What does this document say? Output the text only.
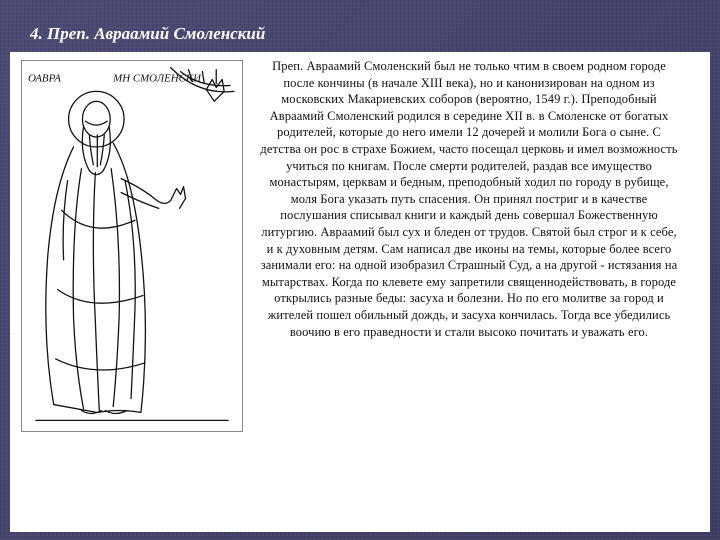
4. Преп. Авраамий Смоленский
ОАВРА	МН СМОЛЕНСКИ

Преп. Авраамий Смоленский был не только чтим в своем родном городе после кончины (в начале XIII века), но и канонизирован на одном из московских Макариевских соборов (вероятно, 1549 г.). Преподобный Авраамий Смоленский родился в середине XII в. в Смоленске от богатых родителей, которые до него имели 12 дочерей и молили Бога о сыне. С детства он рос в страхе Божием, часто посещал церковь и имел возможность учиться по книгам. После смерти родителей, раздав все имущество монастырям, церквам и бедным, преподобный ходил по городу в рубище, моля Бога указать путь спасения. Он принял постриг и в качестве послушания списывал книги и каждый день совершал Божественную литургию. Авраамий был сух и бледен от трудов. Святой был строг и к себе, и к духовным детям. Сам написал две иконы на темы, которые более всего занимали его: на одной изобразил Страшный Суд, а на другой - истязания на мытарствах. Когда по клевете ему запретили священнодействовать, в городе открылись разные беды: засуха и болезни. Но по его молитве за город и жителей пошел обильный дождь, и засуха кончилась. Тогда все убедились воочию в его праведности и стали высоко почитать и уважать его.
